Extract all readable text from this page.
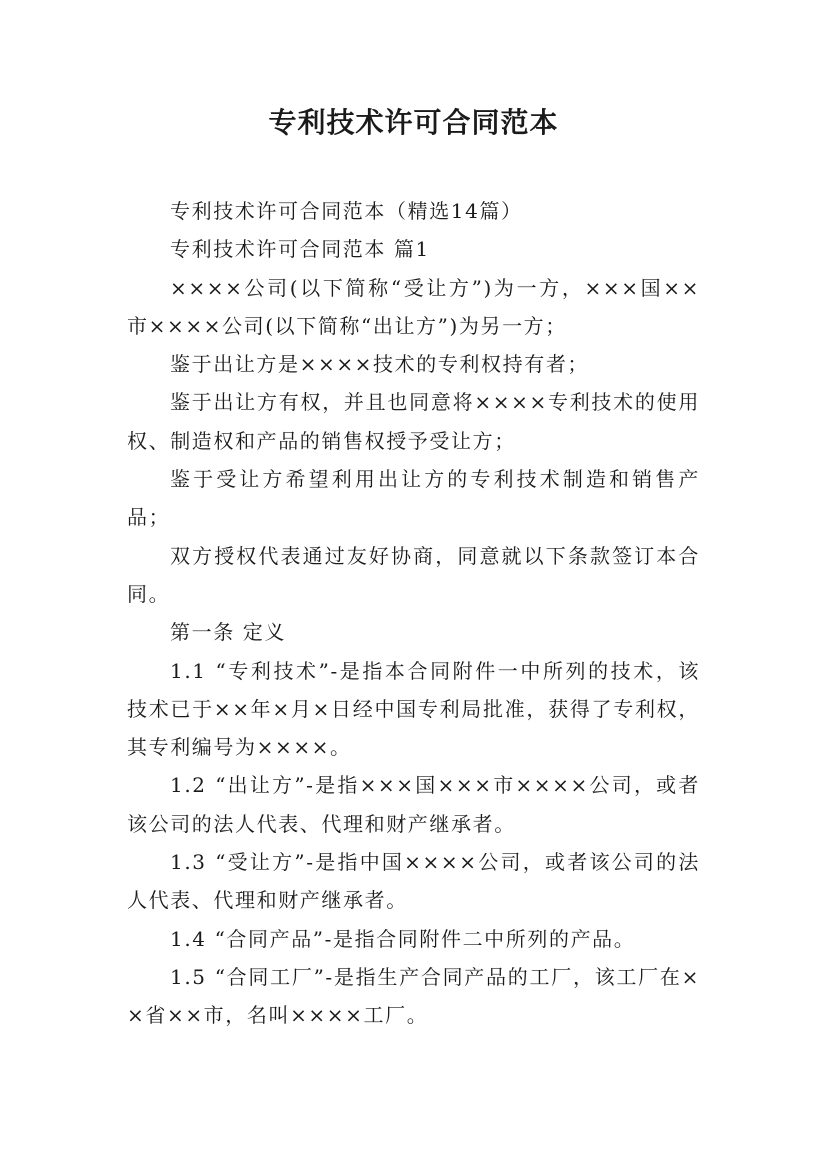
专利技术许可合同范本

专利技术许可合同范本（精选14篇）

专利技术许可合同范本 篇1

××××公司(以下简称“受让方”)为一方，×××国××市××××公司(以下简称“出让方”)为另一方；

鉴于出让方是××××技术的专利权持有者；

鉴于出让方有权，并且也同意将××××专利技术的使用权、制造权和产品的销售权授予受让方；

鉴于受让方希望利用出让方的专利技术制造和销售产品；

双方授权代表通过友好协商，同意就以下条款签订本合同。

第一条 定义

1.1 “专利技术”-是指本合同附件一中所列的技术，该技术已于××年×月×日经中国专利局批准，获得了专利权，其专利编号为××××。

1.2 “出让方”-是指×××国×××市××××公司，或者该公司的法人代表、代理和财产继承者。

1.3 “受让方”-是指中国××××公司，或者该公司的法人代表、代理和财产继承者。

1.4 “合同产品”-是指合同附件二中所列的产品。

1.5 “合同工厂”-是指生产合同产品的工厂，该工厂在××省××市，名叫××××工厂。
